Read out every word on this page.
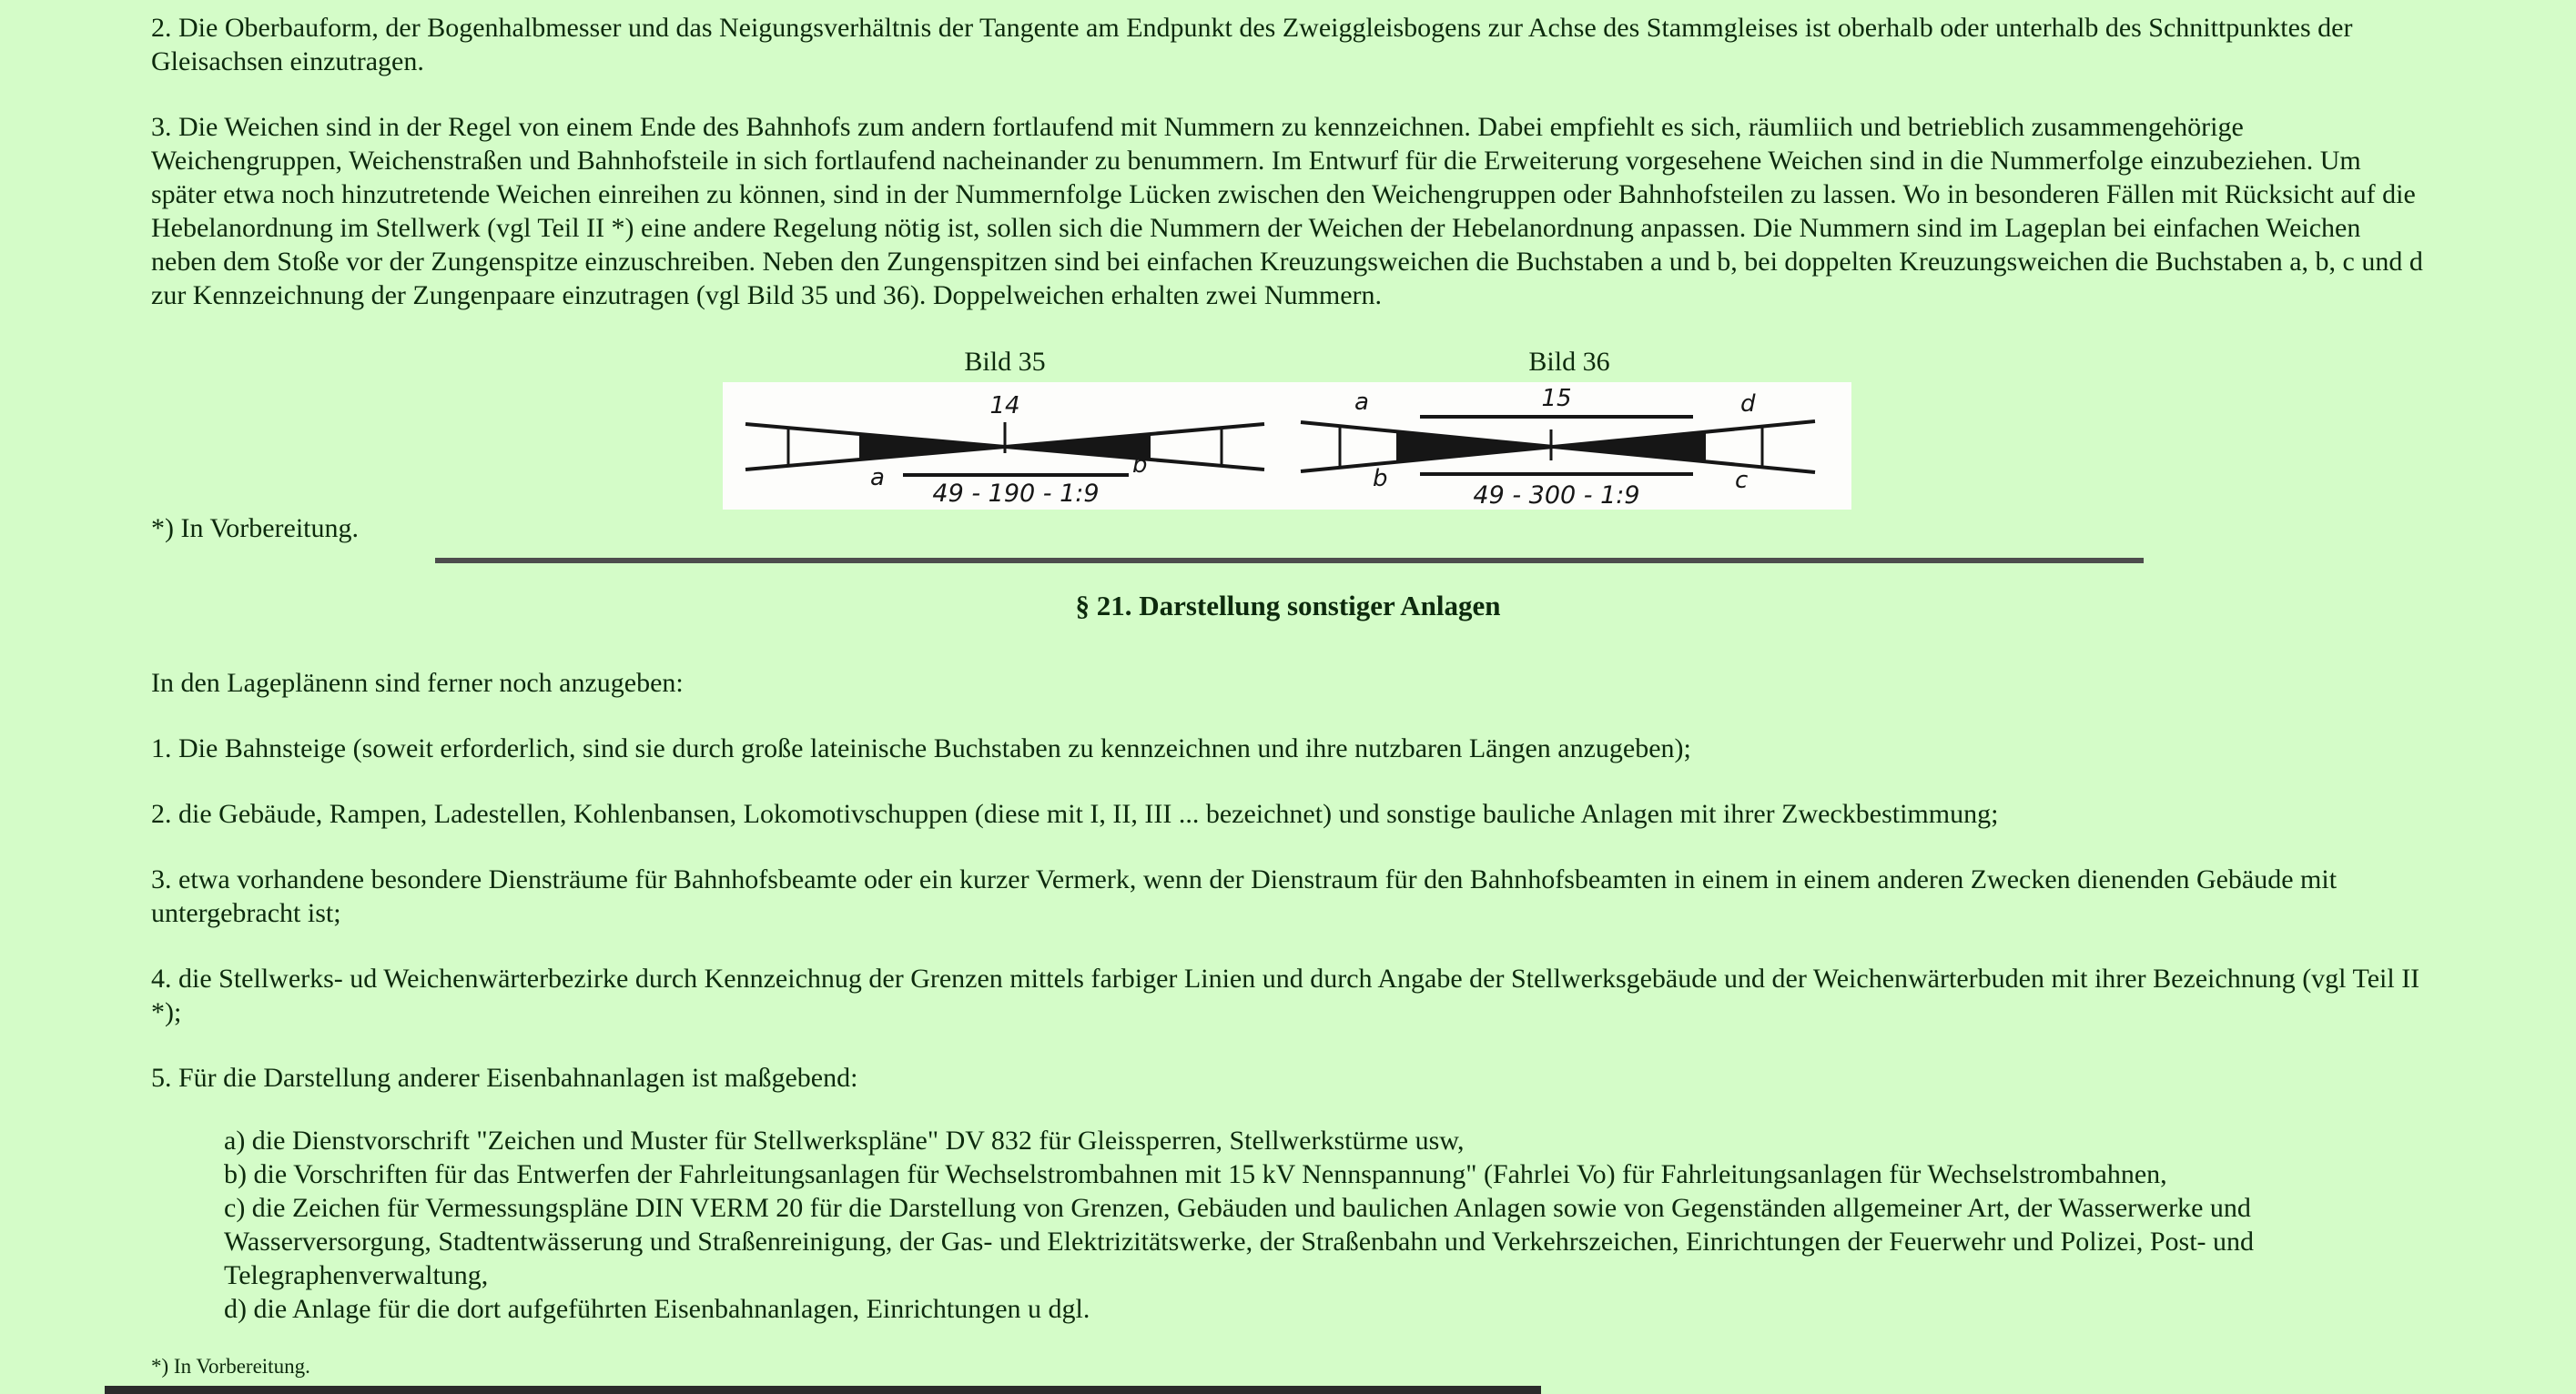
2. Die Oberbauform, der Bogenhalbmesser und das Neigungsverhältnis der Tangente am Endpunkt des Zweiggleisbogens zur Achse des Stammgleises ist oberhalb oder unterhalb des Schnittpunktes der Gleisachsen einzutragen.

3. Die Weichen sind in der Regel von einem Ende des Bahnhofs zum andern fortlaufend mit Nummern zu kennzeichnen. Dabei empfiehlt es sich, räumliich und betrieblich zusammengehörige Weichengruppen, Weichenstraßen und Bahnhofsteile in sich fortlaufend nacheinander zu benummern. Im Entwurf für die Erweiterung vorgesehene Weichen sind in die Nummerfolge einzubeziehen. Um später etwa noch hinzutretende Weichen einreihen zu können, sind in der Nummernfolge Lücken zwischen den Weichengruppen oder Bahnhofsteilen zu lassen. Wo in besonderen Fällen mit Rücksicht auf die Hebelanordnung im Stellwerk (vgl Teil II *) eine andere Regelung nötig ist, sollen sich die Nummern der Weichen der Hebelanordnung anpassen. Die Nummern sind im Lageplan bei einfachen Weichen neben dem Stoße vor der Zungenspitze einzuschreiben. Neben den Zungenspitzen sind bei einfachen Kreuzungsweichen die Buchstaben a und b, bei doppelten Kreuzungsweichen die Buchstaben a, b, c und d zur Kennzeichnung der Zungenpaare einzutragen (vgl Bild 35 und 36). Doppelweichen erhalten zwei Nummern.

Bild 35	Bild 36
14
a	b
49 - 190 - 1:9
a	15	d
b	c
49 - 300 - 1:9

*) In Vorbereitung.

§ 21. Darstellung sonstiger Anlagen

In den Lageplänenn sind ferner noch anzugeben:

1. Die Bahnsteige (soweit erforderlich, sind sie durch große lateinische Buchstaben zu kennzeichnen und ihre nutzbaren Längen anzugeben);

2. die Gebäude, Rampen, Ladestellen, Kohlenbansen, Lokomotivschuppen (diese mit I, II, III ... bezeichnet) und sonstige bauliche Anlagen mit ihrer Zweckbestimmung;

3. etwa vorhandene besondere Diensträume für Bahnhofsbeamte oder ein kurzer Vermerk, wenn der Dienstraum für den Bahnhofsbeamten in einem in einem anderen Zwecken dienenden Gebäude mit untergebracht ist;

4. die Stellwerks- ud Weichenwärterbezirke durch Kennzeichnug der Grenzen mittels farbiger Linien und durch Angabe der Stellwerksgebäude und der Weichenwärterbuden mit ihrer Bezeichnung (vgl Teil II *);

5. Für die Darstellung anderer Eisenbahnanlagen ist maßgebend:

a) die Dienstvorschrift "Zeichen und Muster für Stellwerkspläne" DV 832 für Gleissperren, Stellwerkstürme usw,
b) die Vorschriften für das Entwerfen der Fahrleitungsanlagen für Wechselstrombahnen mit 15 kV Nennspannung" (Fahrlei Vo) für Fahrleitungsanlagen für Wechselstrombahnen,
c) die Zeichen für Vermessungspläne DIN VERM 20 für die Darstellung von Grenzen, Gebäuden und baulichen Anlagen sowie von Gegenständen allgemeiner Art, der Wasserwerke und Wasserversorgung, Stadtentwässerung und Straßenreinigung, der Gas- und Elektrizitätswerke, der Straßenbahn und Verkehrszeichen, Einrichtungen der Feuerwehr und Polizei, Post- und Telegraphenverwaltung,
d) die Anlage für die dort aufgeführten Eisenbahnanlagen, Einrichtungen u dgl.

*) In Vorbereitung.
